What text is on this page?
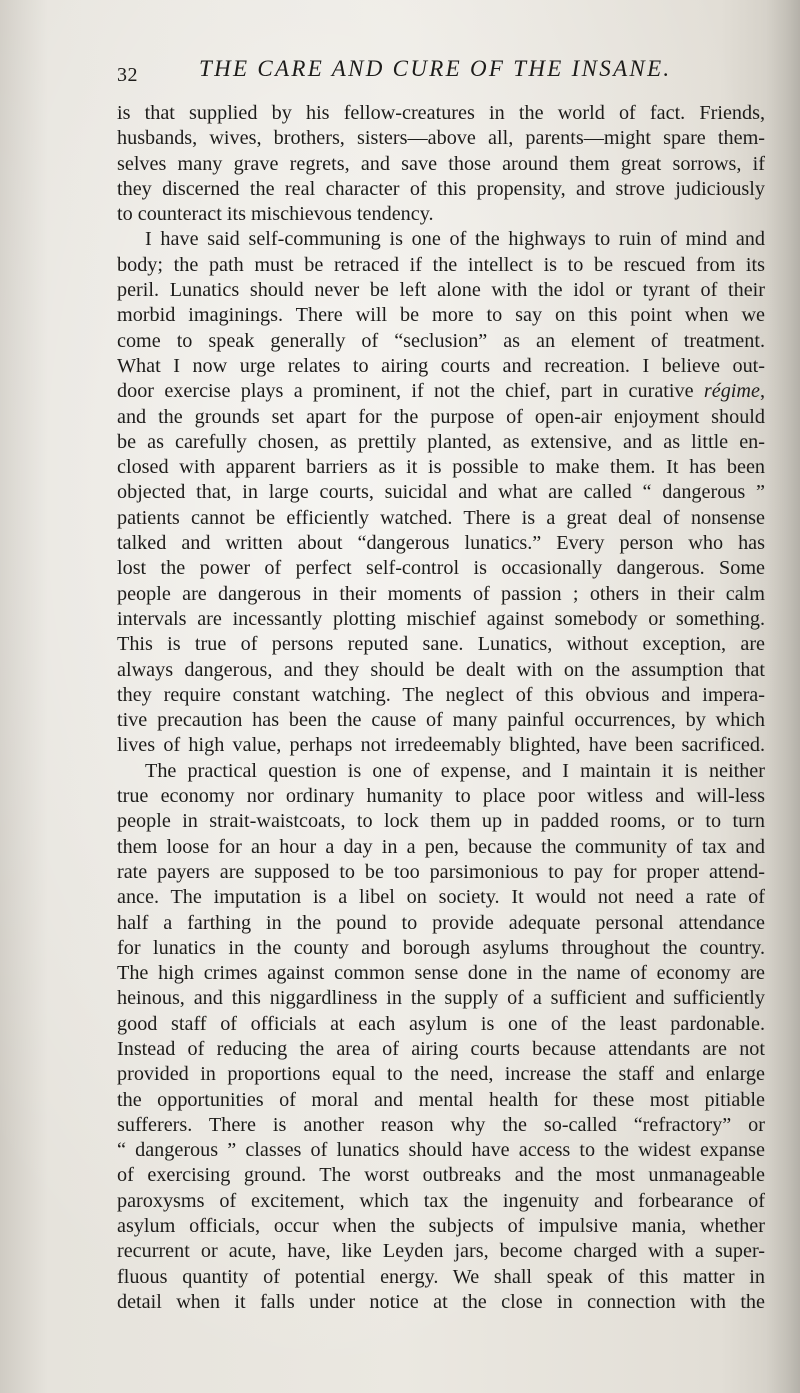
32	THE CARE AND CURE OF THE INSANE.

is that supplied by his fellow-creatures in the world of fact. Friends,
husbands, wives, brothers, sisters—above all, parents—might spare them-
selves many grave regrets, and save those around them great sorrows, if
they discerned the real character of this propensity, and strove judiciously
to counteract its mischievous tendency.

I have said self-communing is one of the highways to ruin of mind and
body; the path must be retraced if the intellect is to be rescued from its
peril. Lunatics should never be left alone with the idol or tyrant of their
morbid imaginings. There will be more to say on this point when we
come to speak generally of “seclusion” as an element of treatment.
What I now urge relates to airing courts and recreation. I believe out-
door exercise plays a prominent, if not the chief, part in curative régime,
and the grounds set apart for the purpose of open-air enjoyment should
be as carefully chosen, as prettily planted, as extensive, and as little en-
closed with apparent barriers as it is possible to make them. It has been
objected that, in large courts, suicidal and what are called “ dangerous ”
patients cannot be efficiently watched. There is a great deal of nonsense
talked and written about “dangerous lunatics.” Every person who has
lost the power of perfect self-control is occasionally dangerous. Some
people are dangerous in their moments of passion ; others in their calm
intervals are incessantly plotting mischief against somebody or something.
This is true of persons reputed sane. Lunatics, without exception, are
always dangerous, and they should be dealt with on the assumption that
they require constant watching. The neglect of this obvious and impera-
tive precaution has been the cause of many painful occurrences, by which
lives of high value, perhaps not irredeemably blighted, have been sacrificed.

The practical question is one of expense, and I maintain it is neither
true economy nor ordinary humanity to place poor witless and will-less
people in strait-waistcoats, to lock them up in padded rooms, or to turn
them loose for an hour a day in a pen, because the community of tax and
rate payers are supposed to be too parsimonious to pay for proper attend-
ance. The imputation is a libel on society. It would not need a rate of
half a farthing in the pound to provide adequate personal attendance
for lunatics in the county and borough asylums throughout the country.
The high crimes against common sense done in the name of economy are
heinous, and this niggardliness in the supply of a sufficient and sufficiently
good staff of officials at each asylum is one of the least pardonable.
Instead of reducing the area of airing courts because attendants are not
provided in proportions equal to the need, increase the staff and enlarge
the opportunities of moral and mental health for these most pitiable
sufferers. There is another reason why the so-called “refractory” or
“ dangerous ” classes of lunatics should have access to the widest expanse
of exercising ground. The worst outbreaks and the most unmanageable
paroxysms of excitement, which tax the ingenuity and forbearance of
asylum officials, occur when the subjects of impulsive mania, whether
recurrent or acute, have, like Leyden jars, become charged with a super-
fluous quantity of potential energy. We shall speak of this matter in
detail when it falls under notice at the close in connection with the
